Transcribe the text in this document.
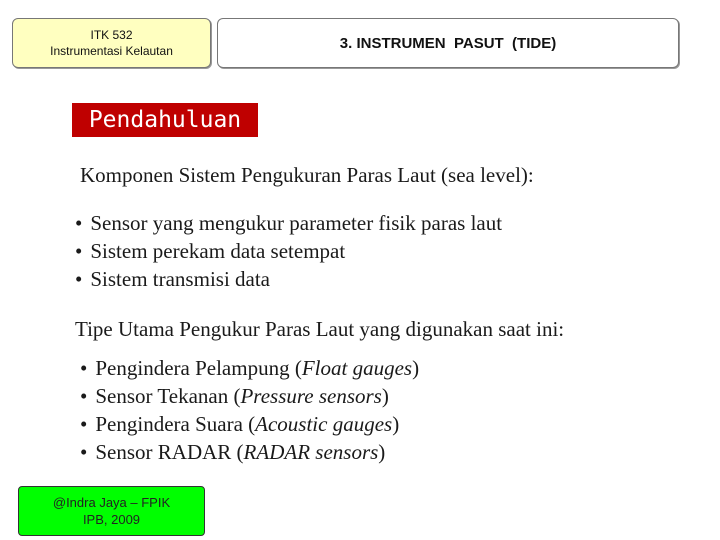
ITK 532
Instrumentasi Kelautan	3. INSTRUMEN  PASUT  (TIDE)
Pendahuluan
Komponen Sistem Pengukuran Paras Laut (sea level):
• Sensor yang mengukur parameter fisik paras laut
• Sistem perekam data setempat
• Sistem transmisi data
Tipe Utama Pengukur Paras Laut yang digunakan saat ini:
• Pengindera Pelampung (Float gauges)
• Sensor Tekanan (Pressure sensors)
• Pengindera Suara (Acoustic gauges)
• Sensor RADAR (RADAR sensors)
@Indra Jaya – FPIK
IPB, 2009
